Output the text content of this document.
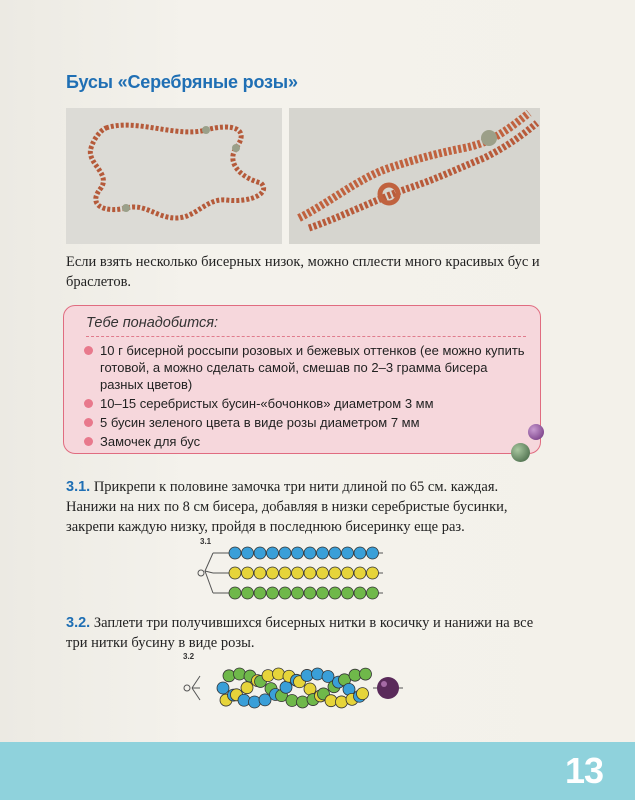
Бусы «Серебряные розы»
Если взять несколько бисерных низок, можно сплести много красивых бус и браслетов.
Тебе понадобится:
10 г бисерной россыпи розовых и бежевых оттенков (ее можно купить готовой, а можно сделать самой, смешав по 2–3 грамма бисера разных цветов)
10–15 серебристых бусин-«бочонков» диаметром 3 мм
5 бусин зеленого цвета в виде розы диаметром 7 мм
Замочек для бус
3.1. Прикрепи к половине замочка три нити длиной по 65 см. каждая. Нанижи на них по 8 см бисера, добавляя в низки серебристые бусинки, закрепи каждую низку, пройдя в последнюю бисеринку еще раз.
3.1
3.2. Заплети три получившихся бисерных нитки в косичку и нанижи на все три нитки бусину в виде розы.
3.2
13
